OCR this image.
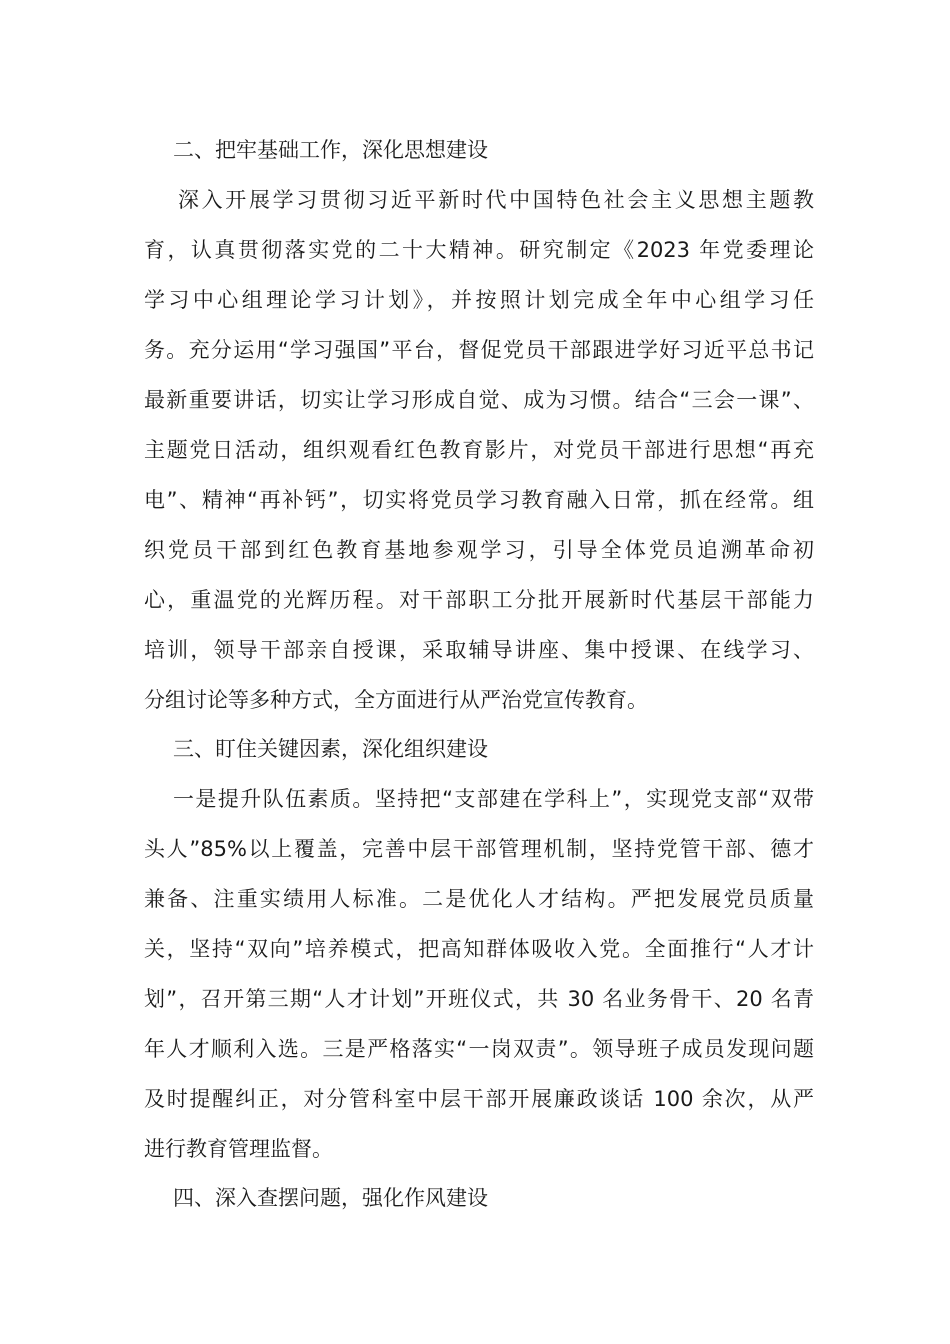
二、把牢基础工作，深化思想建设
深入开展学习贯彻习近平新时代中国特色社会主义思想主题教
育，认真贯彻落实党的二十大精神。研究制定《2023 年党委理论
学习中心组理论学习计划》，并按照计划完成全年中心组学习任
务。充分运用“学习强国”平台，督促党员干部跟进学好习近平总书记
最新重要讲话，切实让学习形成自觉、成为习惯。结合“三会一课”、
主题党日活动，组织观看红色教育影片，对党员干部进行思想“再充
电”、精神“再补钙”，切实将党员学习教育融入日常，抓在经常。组
织党员干部到红色教育基地参观学习，引导全体党员追溯革命初
心，重温党的光辉历程。对干部职工分批开展新时代基层干部能力
培训，领导干部亲自授课，采取辅导讲座、集中授课、在线学习、
分组讨论等多种方式，全方面进行从严治党宣传教育。
三、盯住关键因素，深化组织建设
一是提升队伍素质。坚持把“支部建在学科上”，实现党支部“双带
头人”85%以上覆盖，完善中层干部管理机制，坚持党管干部、德才
兼备、注重实绩用人标准。二是优化人才结构。严把发展党员质量
关，坚持“双向”培养模式，把高知群体吸收入党。全面推行“人才计
划”，召开第三期“人才计划”开班仪式，共 30 名业务骨干、20 名青
年人才顺利入选。三是严格落实“一岗双责”。领导班子成员发现问题
及时提醒纠正，对分管科室中层干部开展廉政谈话 100 余次，从严
进行教育管理监督。
四、深入查摆问题，强化作风建设
